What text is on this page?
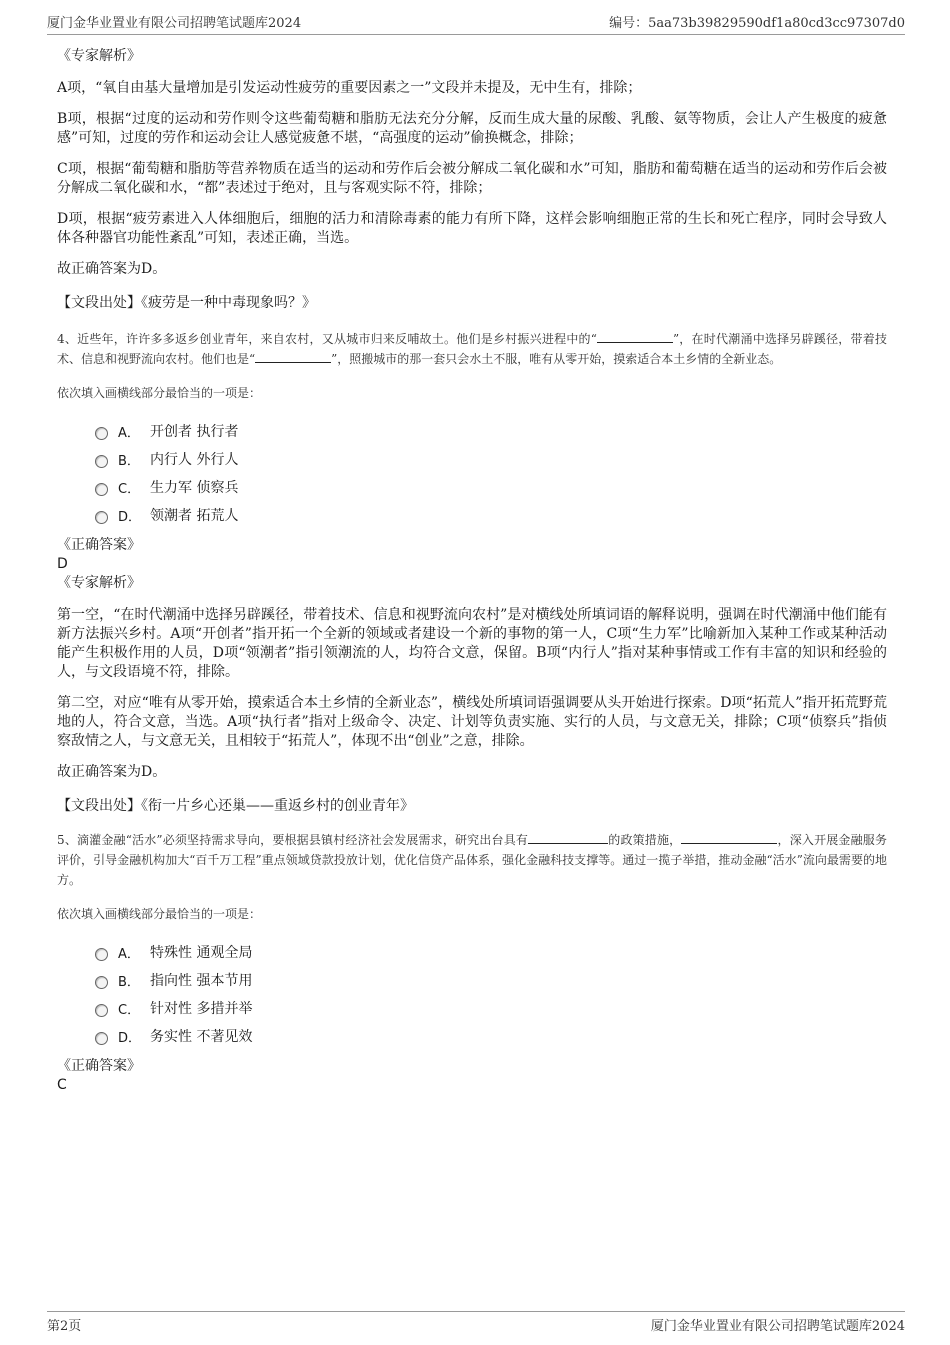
厦门金华业置业有限公司招聘笔试题库2024	编号：5aa73b39829590df1a80cd3cc97307d0
《专家解析》

A项，“氧自由基大量增加是引发运动性疲劳的重要因素之一”文段并未提及，无中生有，排除；

B项，根据“过度的运动和劳作则令这些葡萄糖和脂肪无法充分分解，反而生成大量的尿酸、乳酸、氨等物质，会让人产生极度的疲惫感”可知，过度的劳作和运动会让人感觉疲惫不堪，“高强度的运动”偷换概念，排除；

C项，根据“葡萄糖和脂肪等营养物质在适当的运动和劳作后会被分解成二氧化碳和水”可知，脂肪和葡萄糖在适当的运动和劳作后会被分解成二氧化碳和水，“都”表述过于绝对，且与客观实际不符，排除；

D项，根据“疲劳素进入人体细胞后，细胞的活力和清除毒素的能力有所下降，这样会影响细胞正常的生长和死亡程序，同时会导致人体各种器官功能性紊乱”可知，表述正确，当选。

故正确答案为D。

【文段出处】《疲劳是一种中毒现象吗？》

4、近些年，许许多多返乡创业青年，来自农村，又从城市归来反哺故土。他们是乡村振兴进程中的“	”，在时代潮涌中选择另辟蹊径，带着技术、信息和视野流向农村。他们也是“	”，照搬城市的那一套只会水土不服，唯有从零开始，摸索适合本土乡情的全新业态。

依次填入画横线部分最恰当的一项是：
A． 开创者 执行者
B． 内行人 外行人
C． 生力军 侦察兵
D． 领潮者 拓荒人
《正确答案》
D
《专家解析》

第一空，“在时代潮涌中选择另辟蹊径，带着技术、信息和视野流向农村”是对横线处所填词语的解释说明，强调在时代潮涌中他们能有新方法振兴乡村。A项“开创者”指开拓一个全新的领域或者建设一个新的事物的第一人，C项“生力军”比喻新加入某种工作或某种活动能产生积极作用的人员，D项“领潮者”指引领潮流的人，均符合文意，保留。B项“内行人”指对某种事情或工作有丰富的知识和经验的人，与文段语境不符，排除。

第二空，对应“唯有从零开始，摸索适合本土乡情的全新业态”，横线处所填词语强调要从头开始进行探索。D项“拓荒人”指开拓荒野荒地的人，符合文意，当选。A项“执行者”指对上级命令、决定、计划等负责实施、实行的人员，与文意无关，排除；C项“侦察兵”指侦察敌情之人，与文意无关，且相较于“拓荒人”，体现不出“创业”之意，排除。

故正确答案为D。

【文段出处】《衔一片乡心还巢——重返乡村的创业青年》

5、滴灌金融“活水”必须坚持需求导向，要根据县镇村经济社会发展需求，研究出台具有	的政策措施，	，深入开展金融服务评价，引导金融机构加大“百千万工程”重点领域贷款投放计划，优化信贷产品体系，强化金融科技支撑等。通过一揽子举措，推动金融“活水”流向最需要的地方。

依次填入画横线部分最恰当的一项是：
A． 特殊性 通观全局
B． 指向性 强本节用
C． 针对性 多措并举
D． 务实性 不著见效
《正确答案》
C
第2页	厦门金华业置业有限公司招聘笔试题库2024
